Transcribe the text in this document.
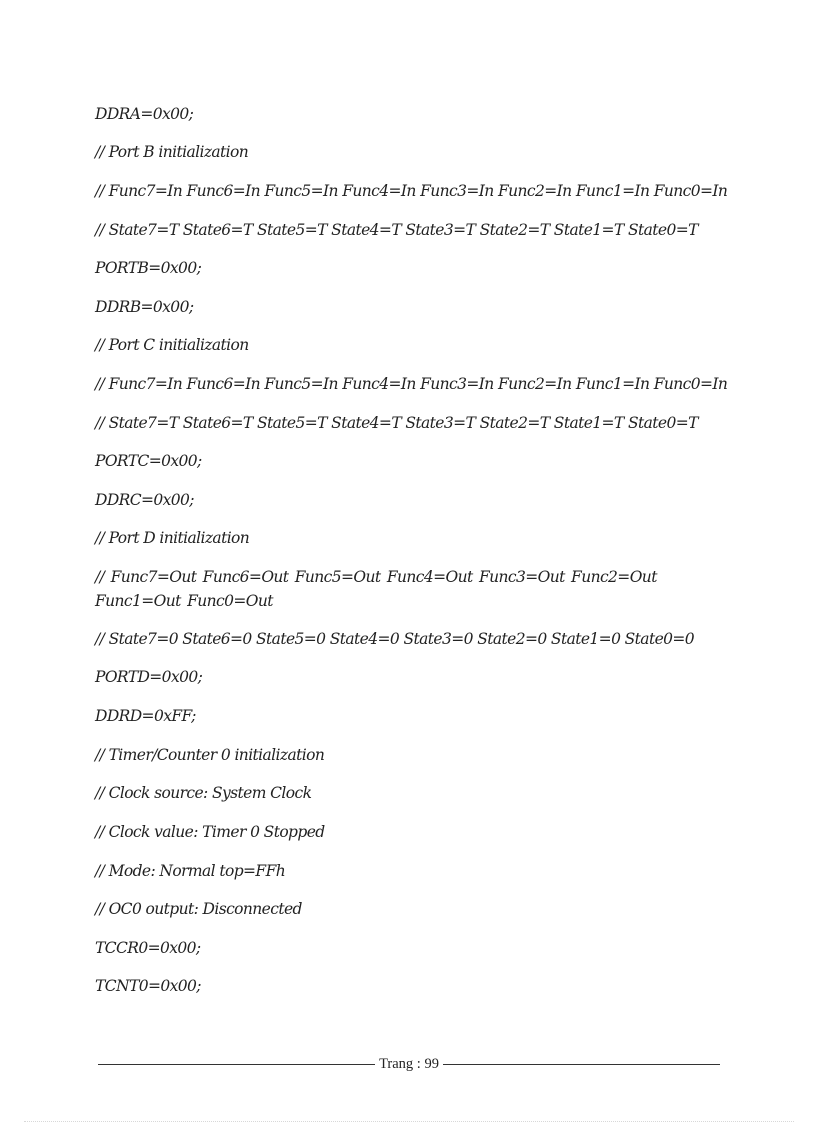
DDRA=0x00;
// Port B initialization
// Func7=In Func6=In Func5=In Func4=In Func3=In Func2=In Func1=In Func0=In
// State7=T State6=T State5=T State4=T State3=T State2=T State1=T State0=T
PORTB=0x00;
DDRB=0x00;
// Port C initialization
// Func7=In Func6=In Func5=In Func4=In Func3=In Func2=In Func1=In Func0=In
// State7=T State6=T State5=T State4=T State3=T State2=T State1=T State0=T
PORTC=0x00;
DDRC=0x00;
// Port D initialization
// Func7=Out Func6=Out Func5=Out Func4=Out Func3=Out Func2=Out Func1=Out Func0=Out
// State7=0 State6=0 State5=0 State4=0 State3=0 State2=0 State1=0 State0=0
PORTD=0x00;
DDRD=0xFF;
// Timer/Counter 0 initialization
// Clock source: System Clock
// Clock value: Timer 0 Stopped
// Mode: Normal top=FFh
// OC0 output: Disconnected
TCCR0=0x00;
TCNT0=0x00;
Trang : 99
